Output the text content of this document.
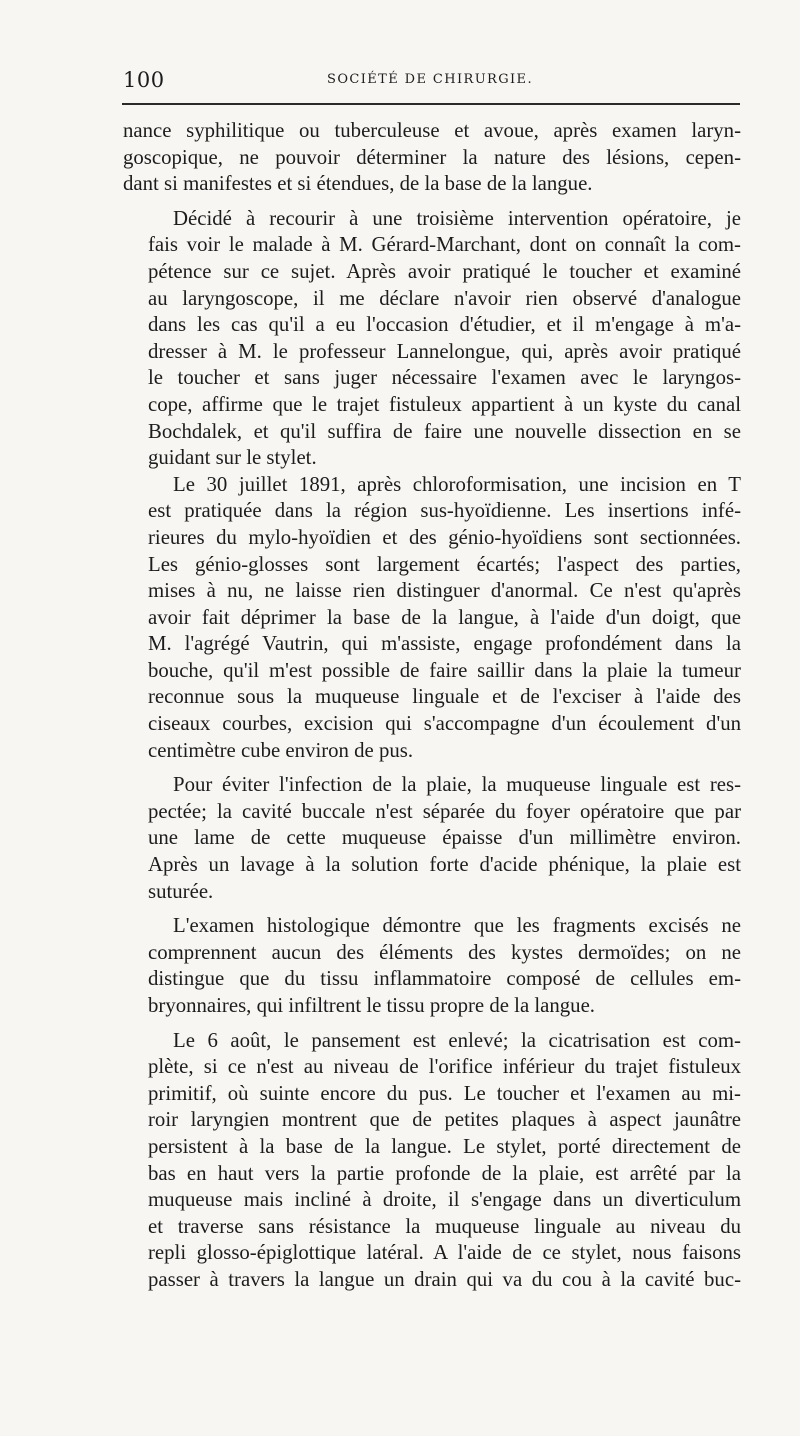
100	SOCIÉTÉ DE CHIRURGIE.
nance syphilitique ou tuberculeuse et avoue, après examen laryn-
goscopique, ne pouvoir déterminer la nature des lésions, cepen-
dant si manifestes et si étendues, de la base de la langue.
Décidé à recourir à une troisième intervention opératoire, je
fais voir le malade à M. Gérard-Marchant, dont on connaît la com-
pétence sur ce sujet. Après avoir pratiqué le toucher et examiné
au laryngoscope, il me déclare n'avoir rien observé d'analogue
dans les cas qu'il a eu l'occasion d'étudier, et il m'engage à m'a-
dresser à M. le professeur Lannelongue, qui, après avoir pratiqué
le toucher et sans juger nécessaire l'examen avec le laryngos-
cope, affirme que le trajet fistuleux appartient à un kyste du canal
Bochdalek, et qu'il suffira de faire une nouvelle dissection en se
guidant sur le stylet.
Le 30 juillet 1891, après chloroformisation, une incision en T
est pratiquée dans la région sus-hyoïdienne. Les insertions infé-
rieures du mylo-hyoïdien et des génio-hyoïdiens sont sectionnées.
Les génio-glosses sont largement écartés; l'aspect des parties,
mises à nu, ne laisse rien distinguer d'anormal. Ce n'est qu'après
avoir fait déprimer la base de la langue, à l'aide d'un doigt, que
M. l'agrégé Vautrin, qui m'assiste, engage profondément dans la
bouche, qu'il m'est possible de faire saillir dans la plaie la tumeur
reconnue sous la muqueuse linguale et de l'exciser à l'aide des
ciseaux courbes, excision qui s'accompagne d'un écoulement d'un
centimètre cube environ de pus.
Pour éviter l'infection de la plaie, la muqueuse linguale est res-
pectée; la cavité buccale n'est séparée du foyer opératoire que par
une lame de cette muqueuse épaisse d'un millimètre environ.
Après un lavage à la solution forte d'acide phénique, la plaie est
suturée.
L'examen histologique démontre que les fragments excisés ne
comprennent aucun des éléments des kystes dermoïdes; on ne
distingue que du tissu inflammatoire composé de cellules em-
bryonnaires, qui infiltrent le tissu propre de la langue.
Le 6 août, le pansement est enlevé; la cicatrisation est com-
plète, si ce n'est au niveau de l'orifice inférieur du trajet fistuleux
primitif, où suinte encore du pus. Le toucher et l'examen au mi-
roir laryngien montrent que de petites plaques à aspect jaunâtre
persistent à la base de la langue. Le stylet, porté directement de
bas en haut vers la partie profonde de la plaie, est arrêté par la
muqueuse mais incliné à droite, il s'engage dans un diverticulum
et traverse sans résistance la muqueuse linguale au niveau du
repli glosso-épiglottique latéral. A l'aide de ce stylet, nous faisons
passer à travers la langue un drain qui va du cou à la cavité buc-
